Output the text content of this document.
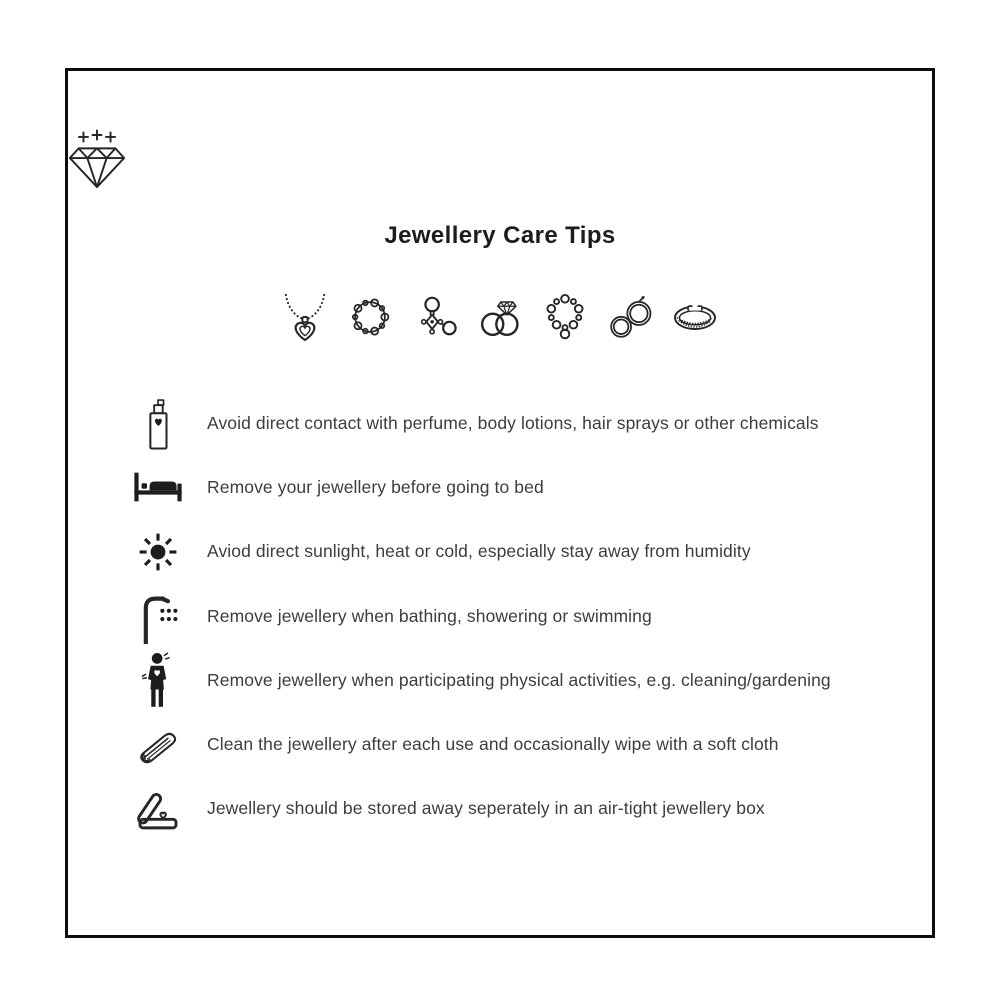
Jewellery Care Tips
Avoid direct contact with perfume, body lotions, hair sprays or other chemicals
Remove your jewellery before going to bed
Aviod direct sunlight, heat or cold, especially stay away from humidity
Remove jewellery when bathing, showering or swimming
Remove jewellery when participating physical activities, e.g. cleaning/gardening
Clean the jewellery after each use and occasionally wipe with a soft cloth
Jewellery should be stored away seperately in an air-tight jewellery box
